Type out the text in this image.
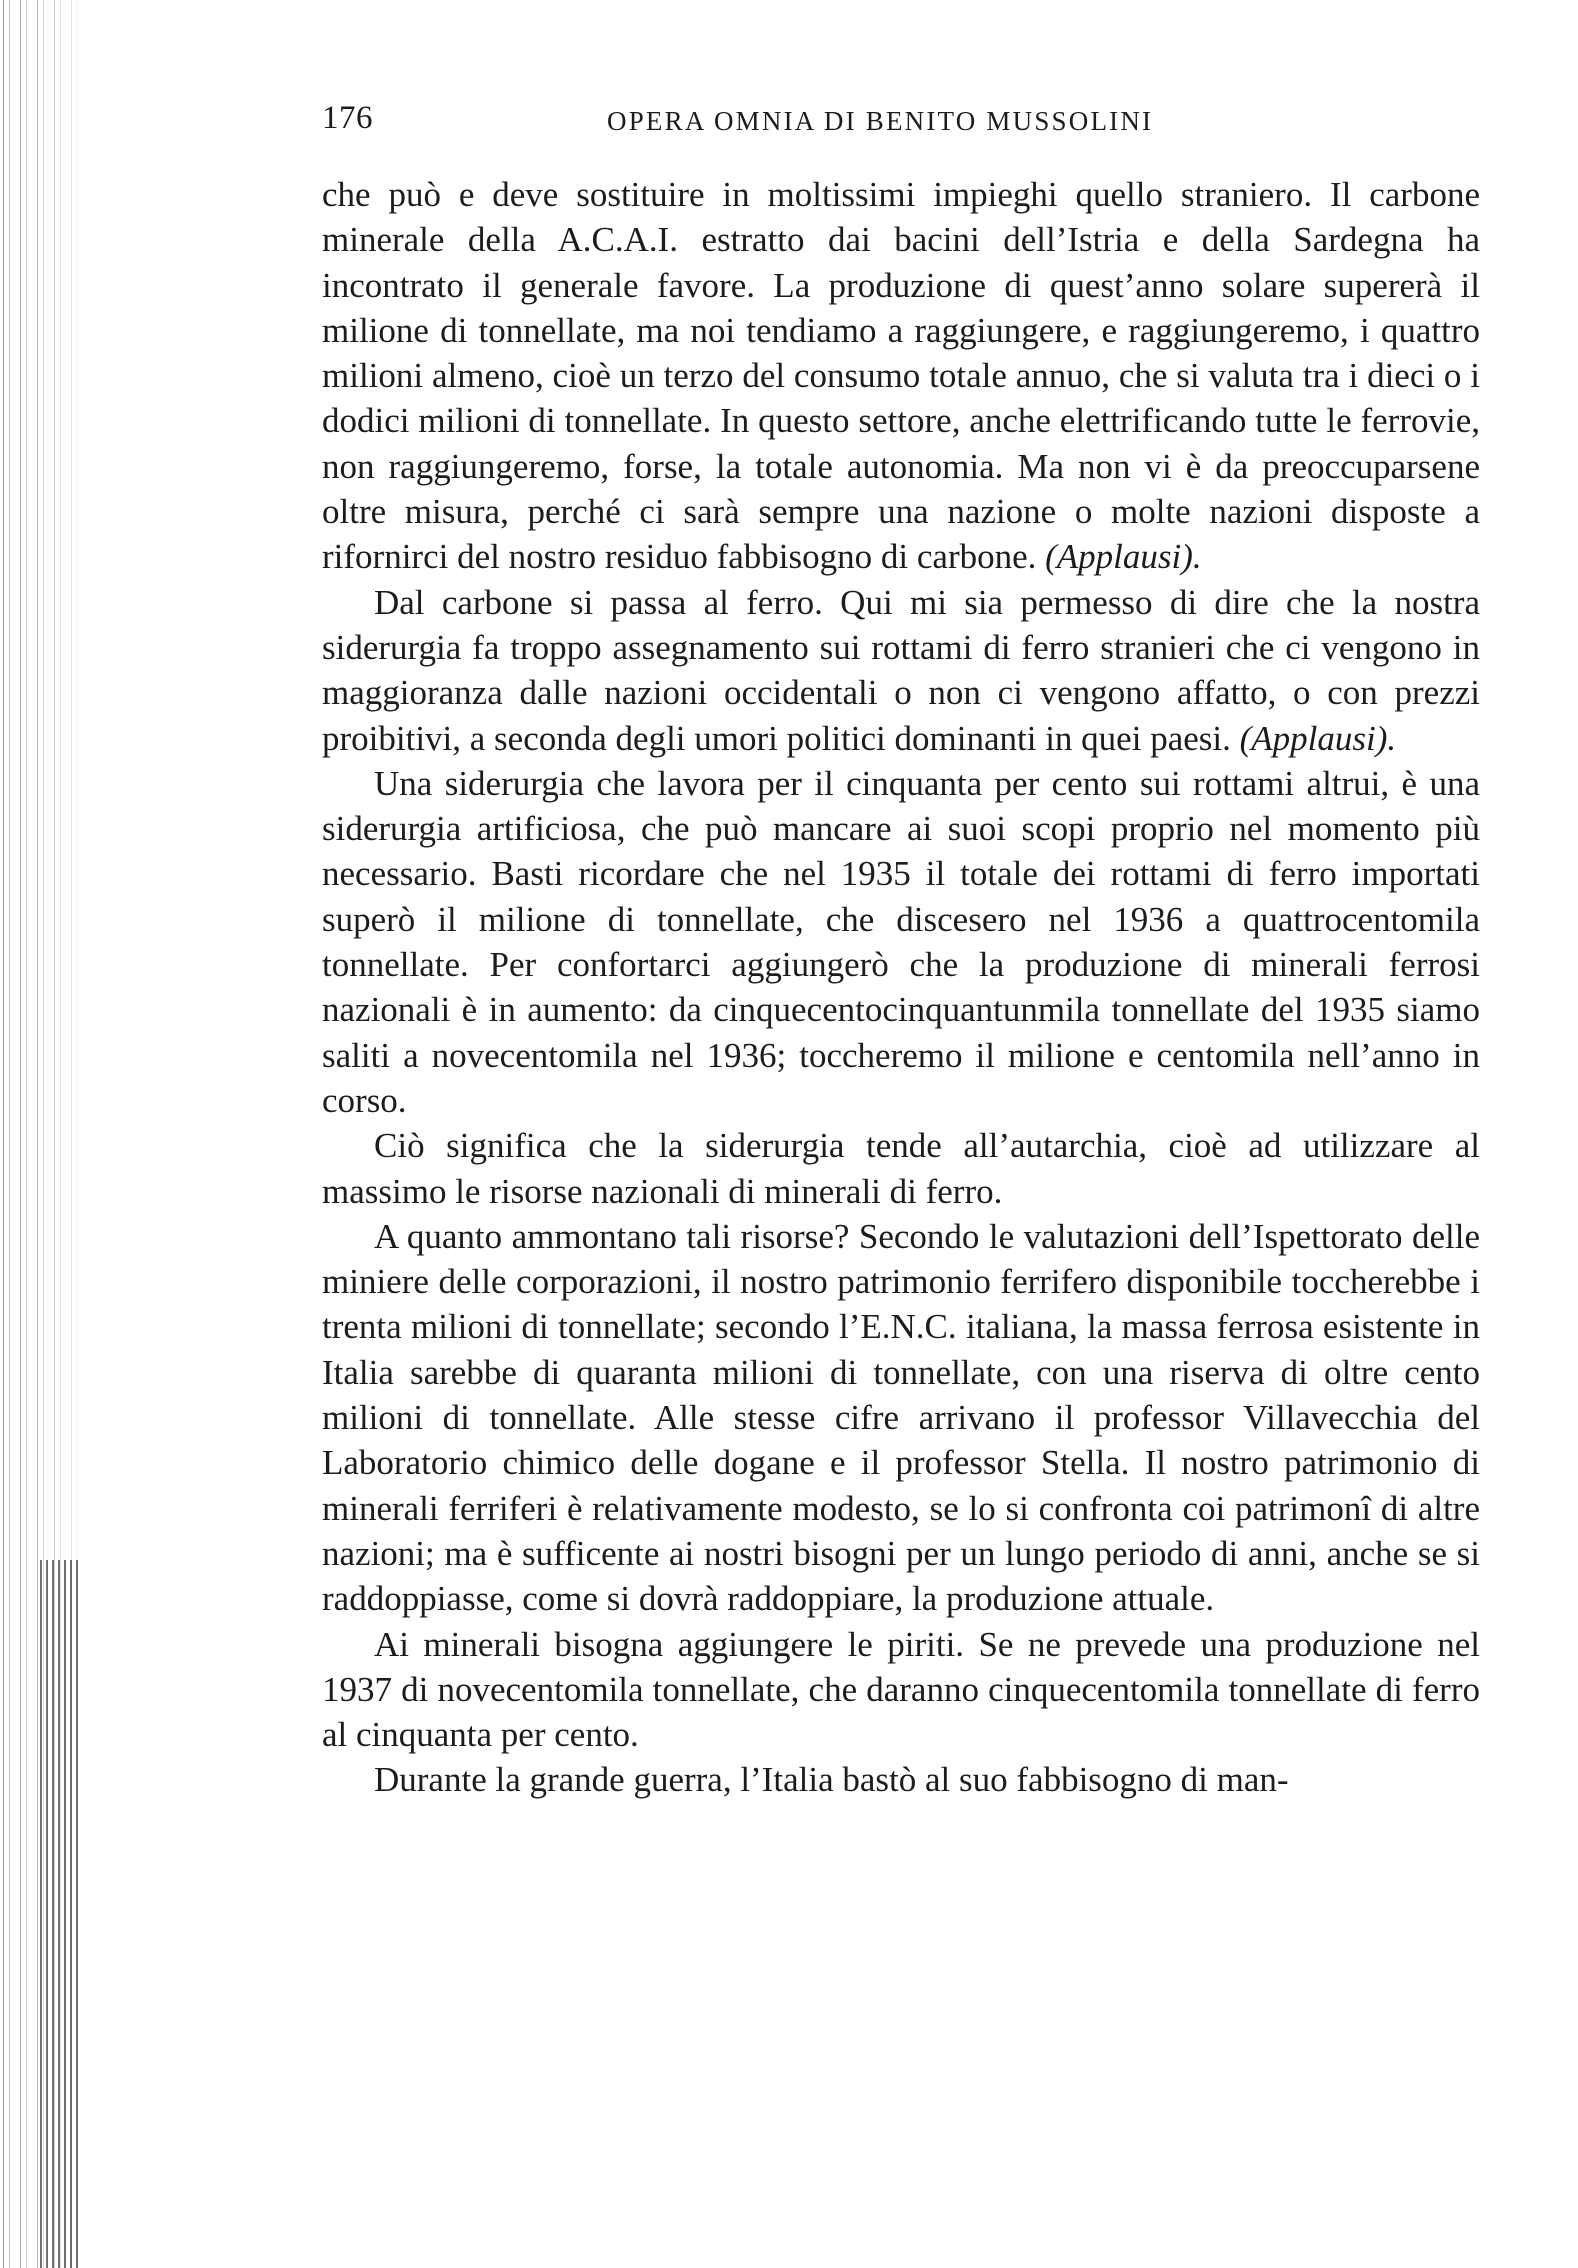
176	OPERA OMNIA DI BENITO MUSSOLINI

che può e deve sostituire in moltissimi impieghi quello straniero. Il carbone minerale della A.C.A.I. estratto dai bacini dell’Istria e della Sardegna ha incontrato il generale favore. La produzione di quest’anno solare supererà il milione di tonnellate, ma noi tendiamo a raggiungere, e raggiungeremo, i quattro milioni almeno, cioè un terzo del consumo totale annuo, che si valuta tra i dieci o i dodici milioni di tonnellate. In questo settore, anche elettrificando tutte le ferrovie, non raggiungeremo, forse, la totale autonomia. Ma non vi è da preoccuparsene oltre misura, perché ci sarà sempre una nazione o molte nazioni disposte a rifornirci del nostro residuo fabbisogno di carbone. (Applausi).

Dal carbone si passa al ferro. Qui mi sia permesso di dire che la nostra siderurgia fa troppo assegnamento sui rottami di ferro stranieri che ci vengono in maggioranza dalle nazioni occidentali o non ci vengono affatto, o con prezzi proibitivi, a seconda degli umori politici dominanti in quei paesi. (Applausi).

Una siderurgia che lavora per il cinquanta per cento sui rottami altrui, è una siderurgia artificiosa, che può mancare ai suoi scopi proprio nel momento più necessario. Basti ricordare che nel 1935 il totale dei rottami di ferro importati superò il milione di tonnellate, che discesero nel 1936 a quattrocentomila tonnellate. Per confortarci aggiungerò che la produzione di minerali ferrosi nazionali è in aumento: da cinquecentocinquantunmila tonnellate del 1935 siamo saliti a novecentomila nel 1936; toccheremo il milione e centomila nell’anno in corso.

Ciò significa che la siderurgia tende all’autarchia, cioè ad utilizzare al massimo le risorse nazionali di minerali di ferro.

A quanto ammontano tali risorse? Secondo le valutazioni dell’Ispettorato delle miniere delle corporazioni, il nostro patrimonio ferrifero disponibile toccherebbe i trenta milioni di tonnellate; secondo l’E.N.C. italiana, la massa ferrosa esistente in Italia sarebbe di quaranta milioni di tonnellate, con una riserva di oltre cento milioni di tonnellate. Alle stesse cifre arrivano il professor Villavecchia del Laboratorio chimico delle dogane e il professor Stella. Il nostro patrimonio di minerali ferriferi è relativamente modesto, se lo si confronta coi patrimonî di altre nazioni; ma è sufficente ai nostri bisogni per un lungo periodo di anni, anche se si raddoppiasse, come si dovrà raddoppiare, la produzione attuale.

Ai minerali bisogna aggiungere le piriti. Se ne prevede una produzione nel 1937 di novecentomila tonnellate, che daranno cinquecentomila tonnellate di ferro al cinquanta per cento.

Durante la grande guerra, l’Italia bastò al suo fabbisogno di man-
